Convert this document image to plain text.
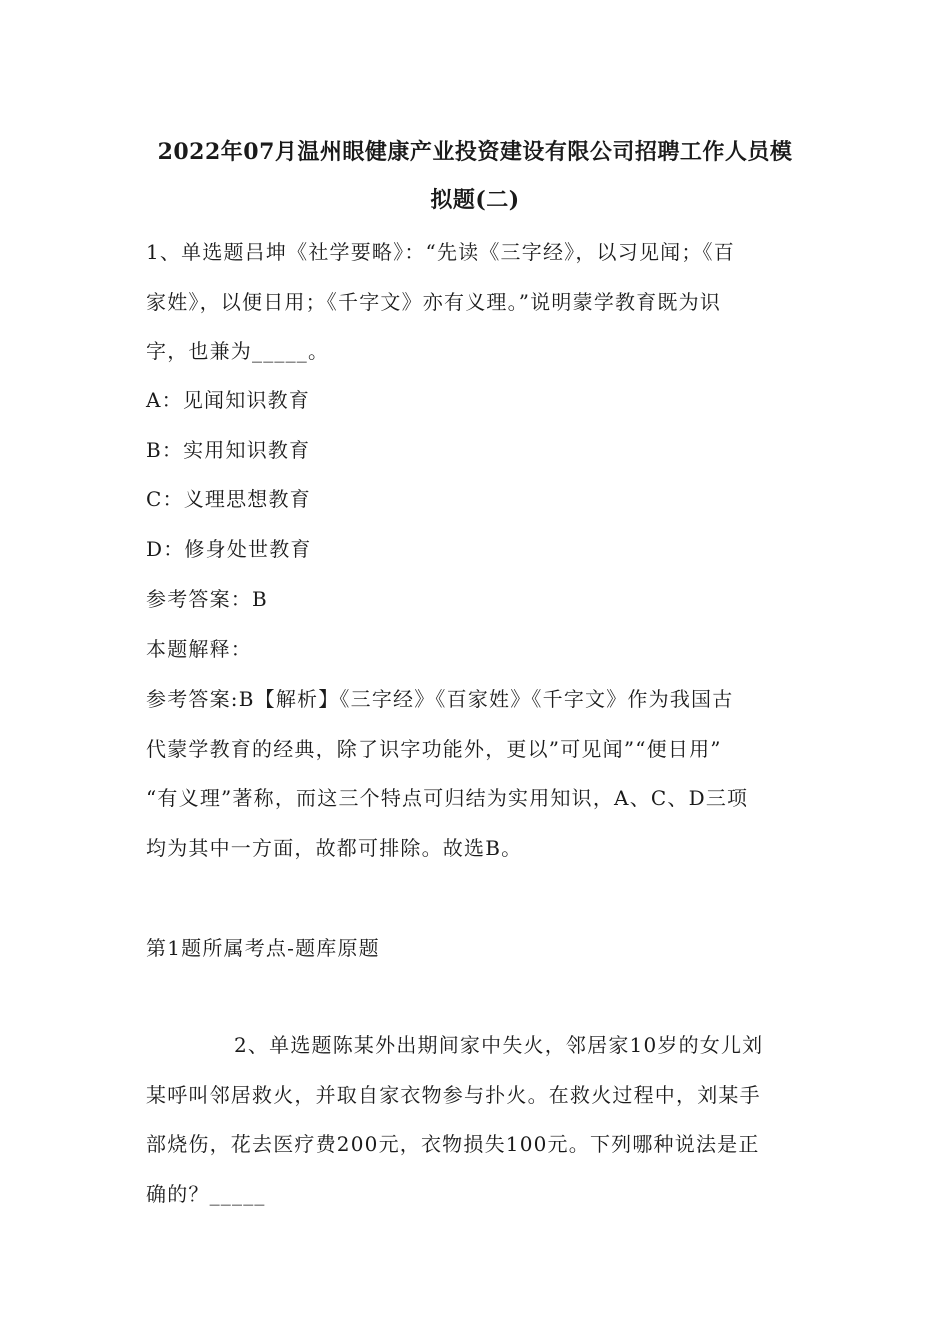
2022年07月温州眼健康产业投资建设有限公司招聘工作人员模
拟题(二)
1、单选题吕坤《社学要略》：“先读《三字经》，以习见闻；《百
家姓》，以便日用；《千字文》亦有义理。”说明蒙学教育既为识
字，也兼为_____。
A：见闻知识教育
B：实用知识教育
C：义理思想教育
D：修身处世教育
参考答案：B
本题解释：
参考答案:B【解析】《三字经》《百家姓》《千字文》作为我国古
代蒙学教育的经典，除了识字功能外，更以”可见闻”“便日用”
“有义理”著称，而这三个特点可归结为实用知识，A、C、D三项
均为其中一方面，故都可排除。故选B。
第1题所属考点-题库原题
2、单选题陈某外出期间家中失火，邻居家10岁的女儿刘
某呼叫邻居救火，并取自家衣物参与扑火。在救火过程中，刘某手
部烧伤，花去医疗费200元，衣物损失100元。下列哪种说法是正
确的？_____
